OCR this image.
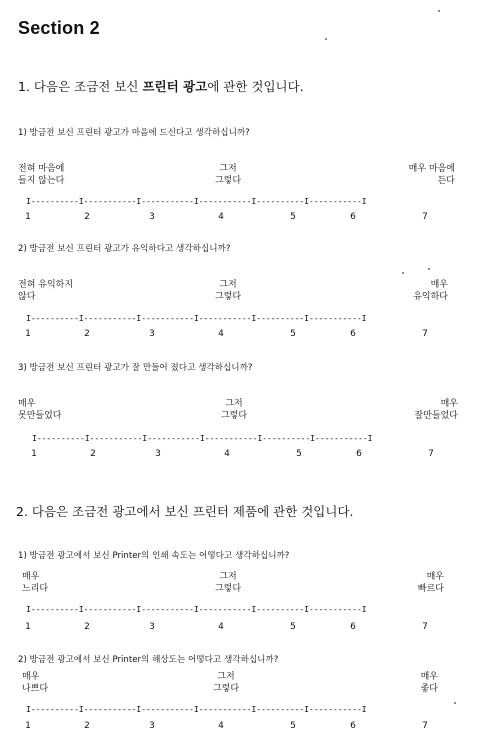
Section 2
1. 다음은 조금전 보신 프린터 광고에 관한 것입니다.
2. 다음은 조금전 광고에서 보신 프린터 제품에 관한 것입니다.
1) 방금전 보신 프린터 광고가 마음에 드신다고 생각하십니까?
전혀 마음에
들지 않는다
그저
그렇다
매우 마음에
든다
I----------I-----------I-----------I-----------I----------I-----------I
1	2	3	4	5	6	7
2) 방금전 보신 프린터 광고가 유익하다고 생각하십니까?
전혀 유익하지
않다
그저
그렇다
매우
유익하다
I----------I-----------I-----------I-----------I----------I-----------I
1	2	3	4	5	6	7
3) 방금전 보신 프린터 광고가 잘 만들어 졌다고 생각하십니까?
매우
못만들었다
그저
그렇다
매우
잘만들었다
I----------I-----------I-----------I-----------I----------I-----------I
1	2	3	4	5	6	7
1) 방금전 광고에서 보신 Printer의 인쇄 속도는 어떻다고 생각하십니까?
매우
느리다
그저
그렇다
매우
빠르다
I----------I-----------I-----------I-----------I----------I-----------I
1	2	3	4	5	6	7
2) 방금전 광고에서 보신 Printer의 해상도는 어떻다고 생각하십니까?
매우
나쁘다
그저
그렇다
매우
좋다
I----------I-----------I-----------I-----------I----------I-----------I
1	2	3	4	5	6	7
